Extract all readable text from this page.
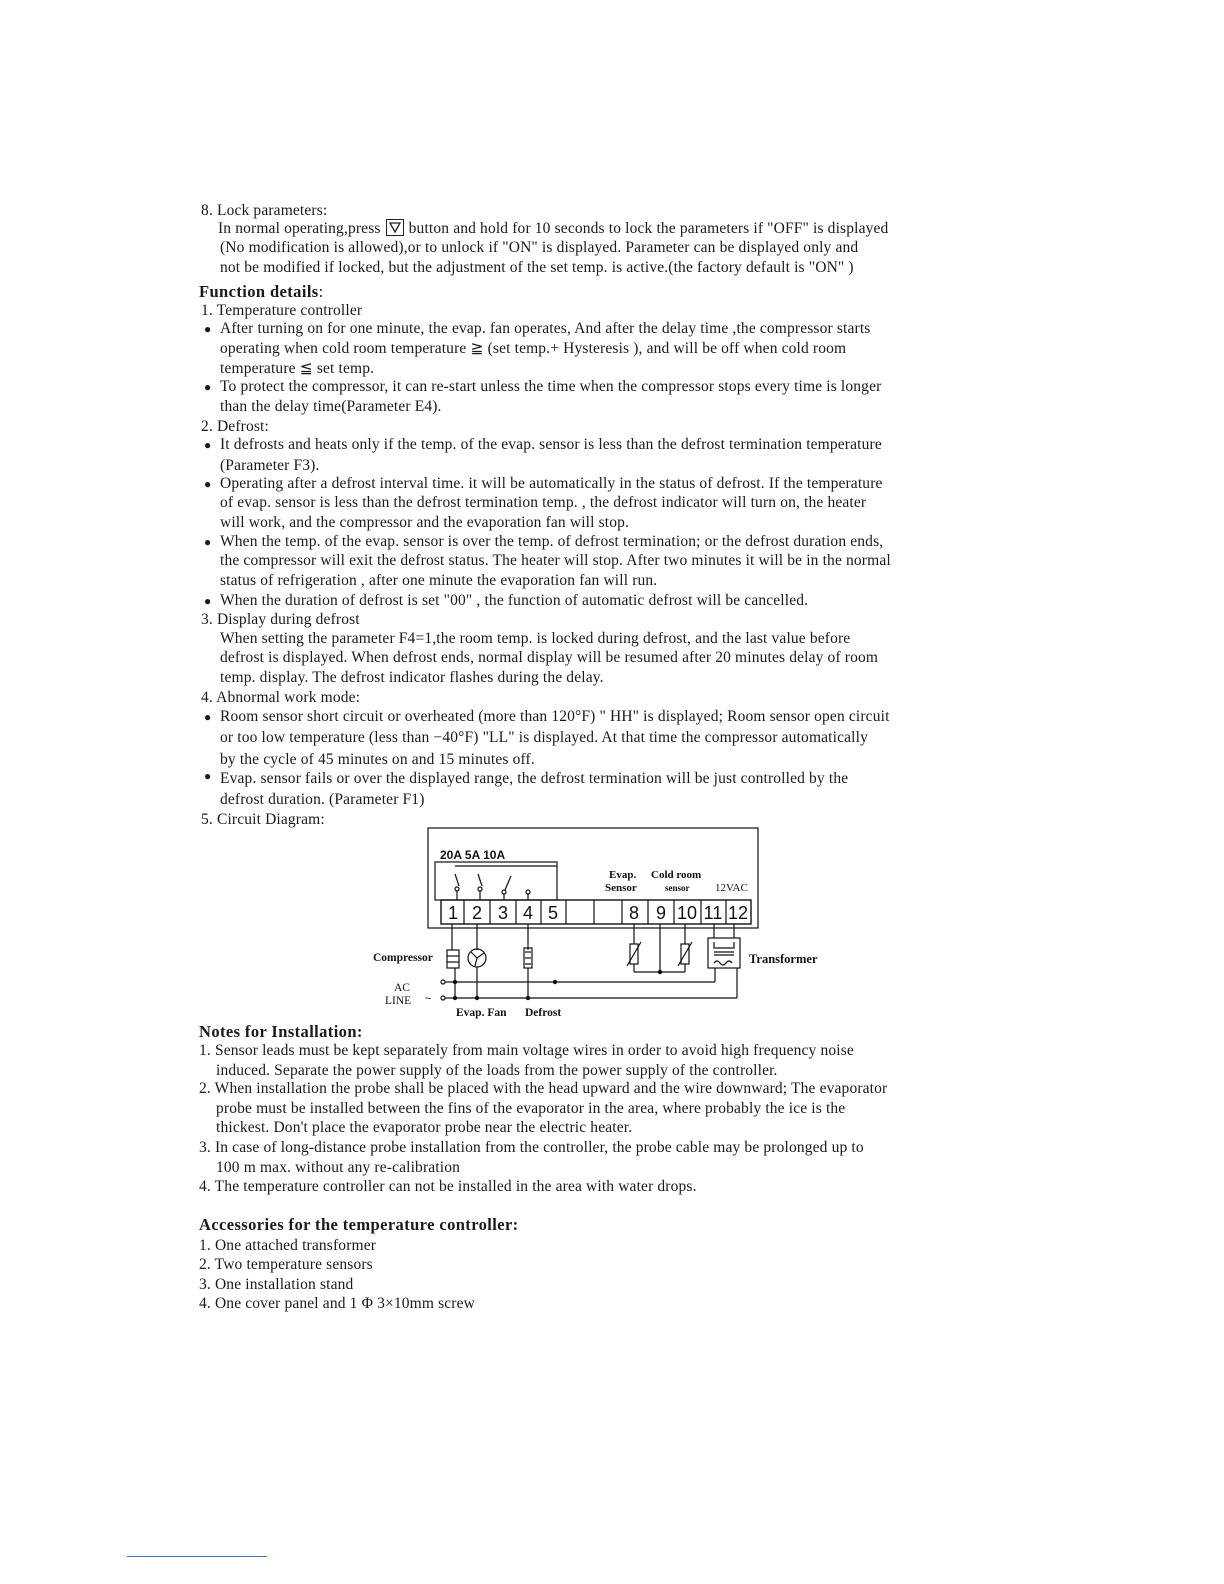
8. Lock parameters:
In normal operating,press button and hold for 10 seconds to lock the parameters if "OFF" is displayed
(No modification is allowed),or to unlock if "ON" is displayed. Parameter can be displayed only and
not be modified if locked, but the adjustment of the set temp. is active.(the factory default is "ON" )
Function details:
1. Temperature controller
● After turning on for one minute, the evap. fan operates, And after the delay time ,the compressor starts
operating when cold room temperature ≧ (set temp.+ Hysteresis ), and will be off when cold room
temperature ≦ set temp.
● To protect the compressor, it can re-start unless the time when the compressor stops every time is longer
than the delay time(Parameter E4).
2. Defrost:
● It defrosts and heats only if the temp. of the evap. sensor is less than the defrost termination temperature
(Parameter F3).
● Operating after a defrost interval time. it will be automatically in the status of defrost. If the temperature
of evap. sensor is less than the defrost termination temp. , the defrost indicator will turn on, the heater
will work, and the compressor and the evaporation fan will stop.
● When the temp. of the evap. sensor is over the temp. of defrost termination; or the defrost duration ends,
the compressor will exit the defrost status. The heater will stop. After two minutes it will be in the normal
status of refrigeration , after one minute the evaporation fan will run.
● When the duration of defrost is set "00" , the function of automatic defrost will be cancelled.
3. Display during defrost
When setting the parameter F4=1,the room temp. is locked during defrost, and the last value before
defrost is displayed. When defrost ends, normal display will be resumed after 20 minutes delay of room
temp. display. The defrost indicator flashes during the delay.
4. Abnormal work mode:
● Room sensor short circuit or overheated (more than 120°F) " HH" is displayed; Room sensor open circuit
or too low temperature (less than −40°F) "LL" is displayed. At that time the compressor automatically
by the cycle of 45 minutes on and 15 minutes off.
● Evap. sensor fails or over the displayed range, the defrost termination will be just controlled by the
defrost duration. (Parameter F1)
5. Circuit Diagram:
20A 5A 10A
Evap.
Sensor
Cold room
sensor 12VAC
1 2 3 4 5	8 9 10 11 12
Compressor	Transformer
AC
LINE ~
Evap. Fan Defrost
Notes for Installation:
1. Sensor leads must be kept separately from main voltage wires in order to avoid high frequency noise
induced. Separate the power supply of the loads from the power supply of the controller.
2. When installation the probe shall be placed with the head upward and the wire downward; The evaporator
probe must be installed between the fins of the evaporator in the area, where probably the ice is the
thickest. Don't place the evaporator probe near the electric heater.
3. In case of long-distance probe installation from the controller, the probe cable may be prolonged up to
100 m max. without any re-calibration
4. The temperature controller can not be installed in the area with water drops.
Accessories for the temperature controller:
1. One attached transformer
2. Two temperature sensors
3. One installation stand
4. One cover panel and 1 Φ 3×10mm screw
